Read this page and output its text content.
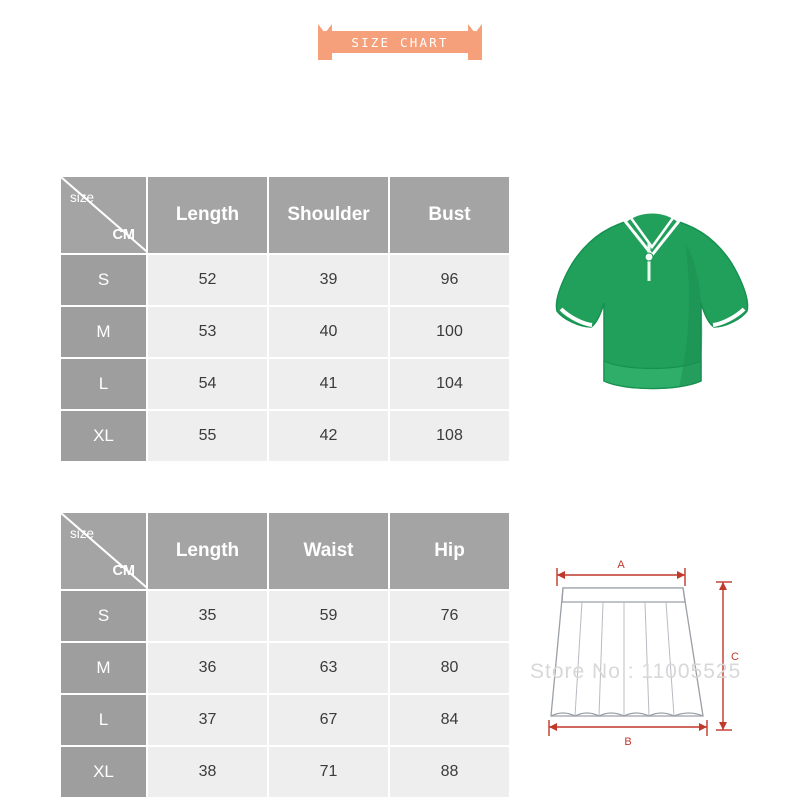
SIZE CHART
size
CM	Length	Shoulder	Bust
S	52	39	96
M	53	40	100
L	54	41	104
XL	55	42	108
size
CM	Length	Waist	Hip
S	35	59	76
M	36	63	80
L	37	67	84
XL	38	71	88
A
C
B
Store No : 11005525
